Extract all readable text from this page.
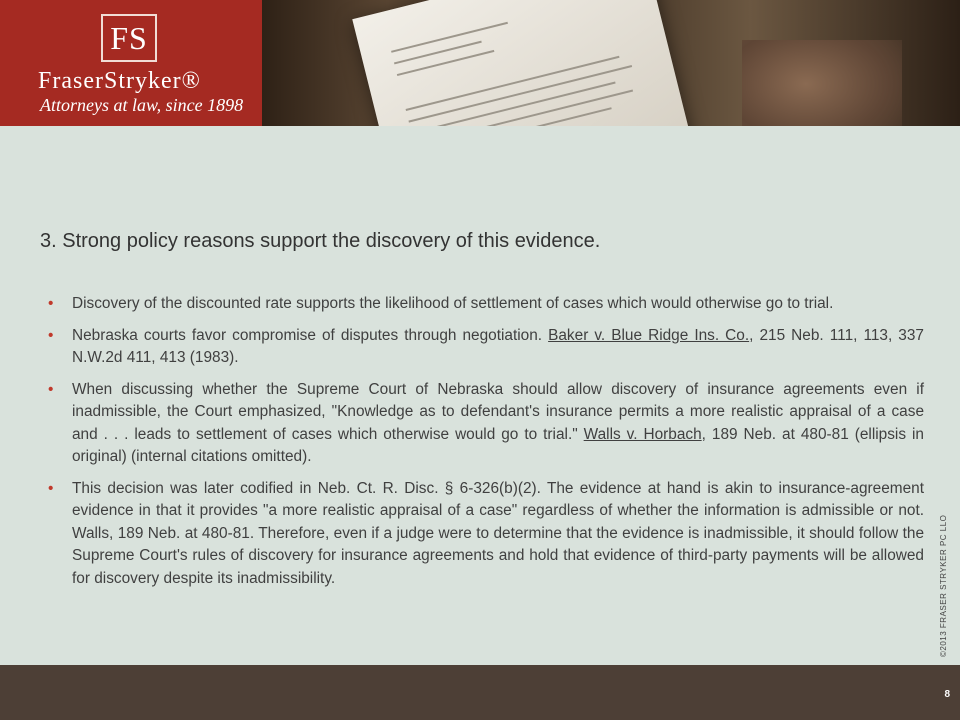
FS
FraserStryker®
Attorneys at law, since 1898
3. Strong policy reasons support the discovery of this evidence.
• Discovery of the discounted rate supports the likelihood of settlement of cases which would otherwise go to trial.
• Nebraska courts favor compromise of disputes through negotiation. Baker v. Blue Ridge Ins. Co., 215 Neb. 111, 113, 337 N.W.2d 411, 413 (1983).
• When discussing whether the Supreme Court of Nebraska should allow discovery of insurance agreements even if inadmissible, the Court emphasized, "Knowledge as to defendant's insurance permits a more realistic appraisal of a case and . . . leads to settlement of cases which otherwise would go to trial." Walls v. Horbach, 189 Neb. at 480-81 (ellipsis in original) (internal citations omitted).
• This decision was later codified in Neb. Ct. R. Disc. § 6-326(b)(2). The evidence at hand is akin to insurance-agreement evidence in that it provides "a more realistic appraisal of a case" regardless of whether the information is admissible or not. Walls, 189 Neb. at 480-81. Therefore, even if a judge were to determine that the evidence is inadmissible, it should follow the Supreme Court's rules of discovery for insurance agreements and hold that evidence of third-party payments will be allowed for discovery despite its inadmissibility.	©2013 FRASER STRYKER PC LLO
8
